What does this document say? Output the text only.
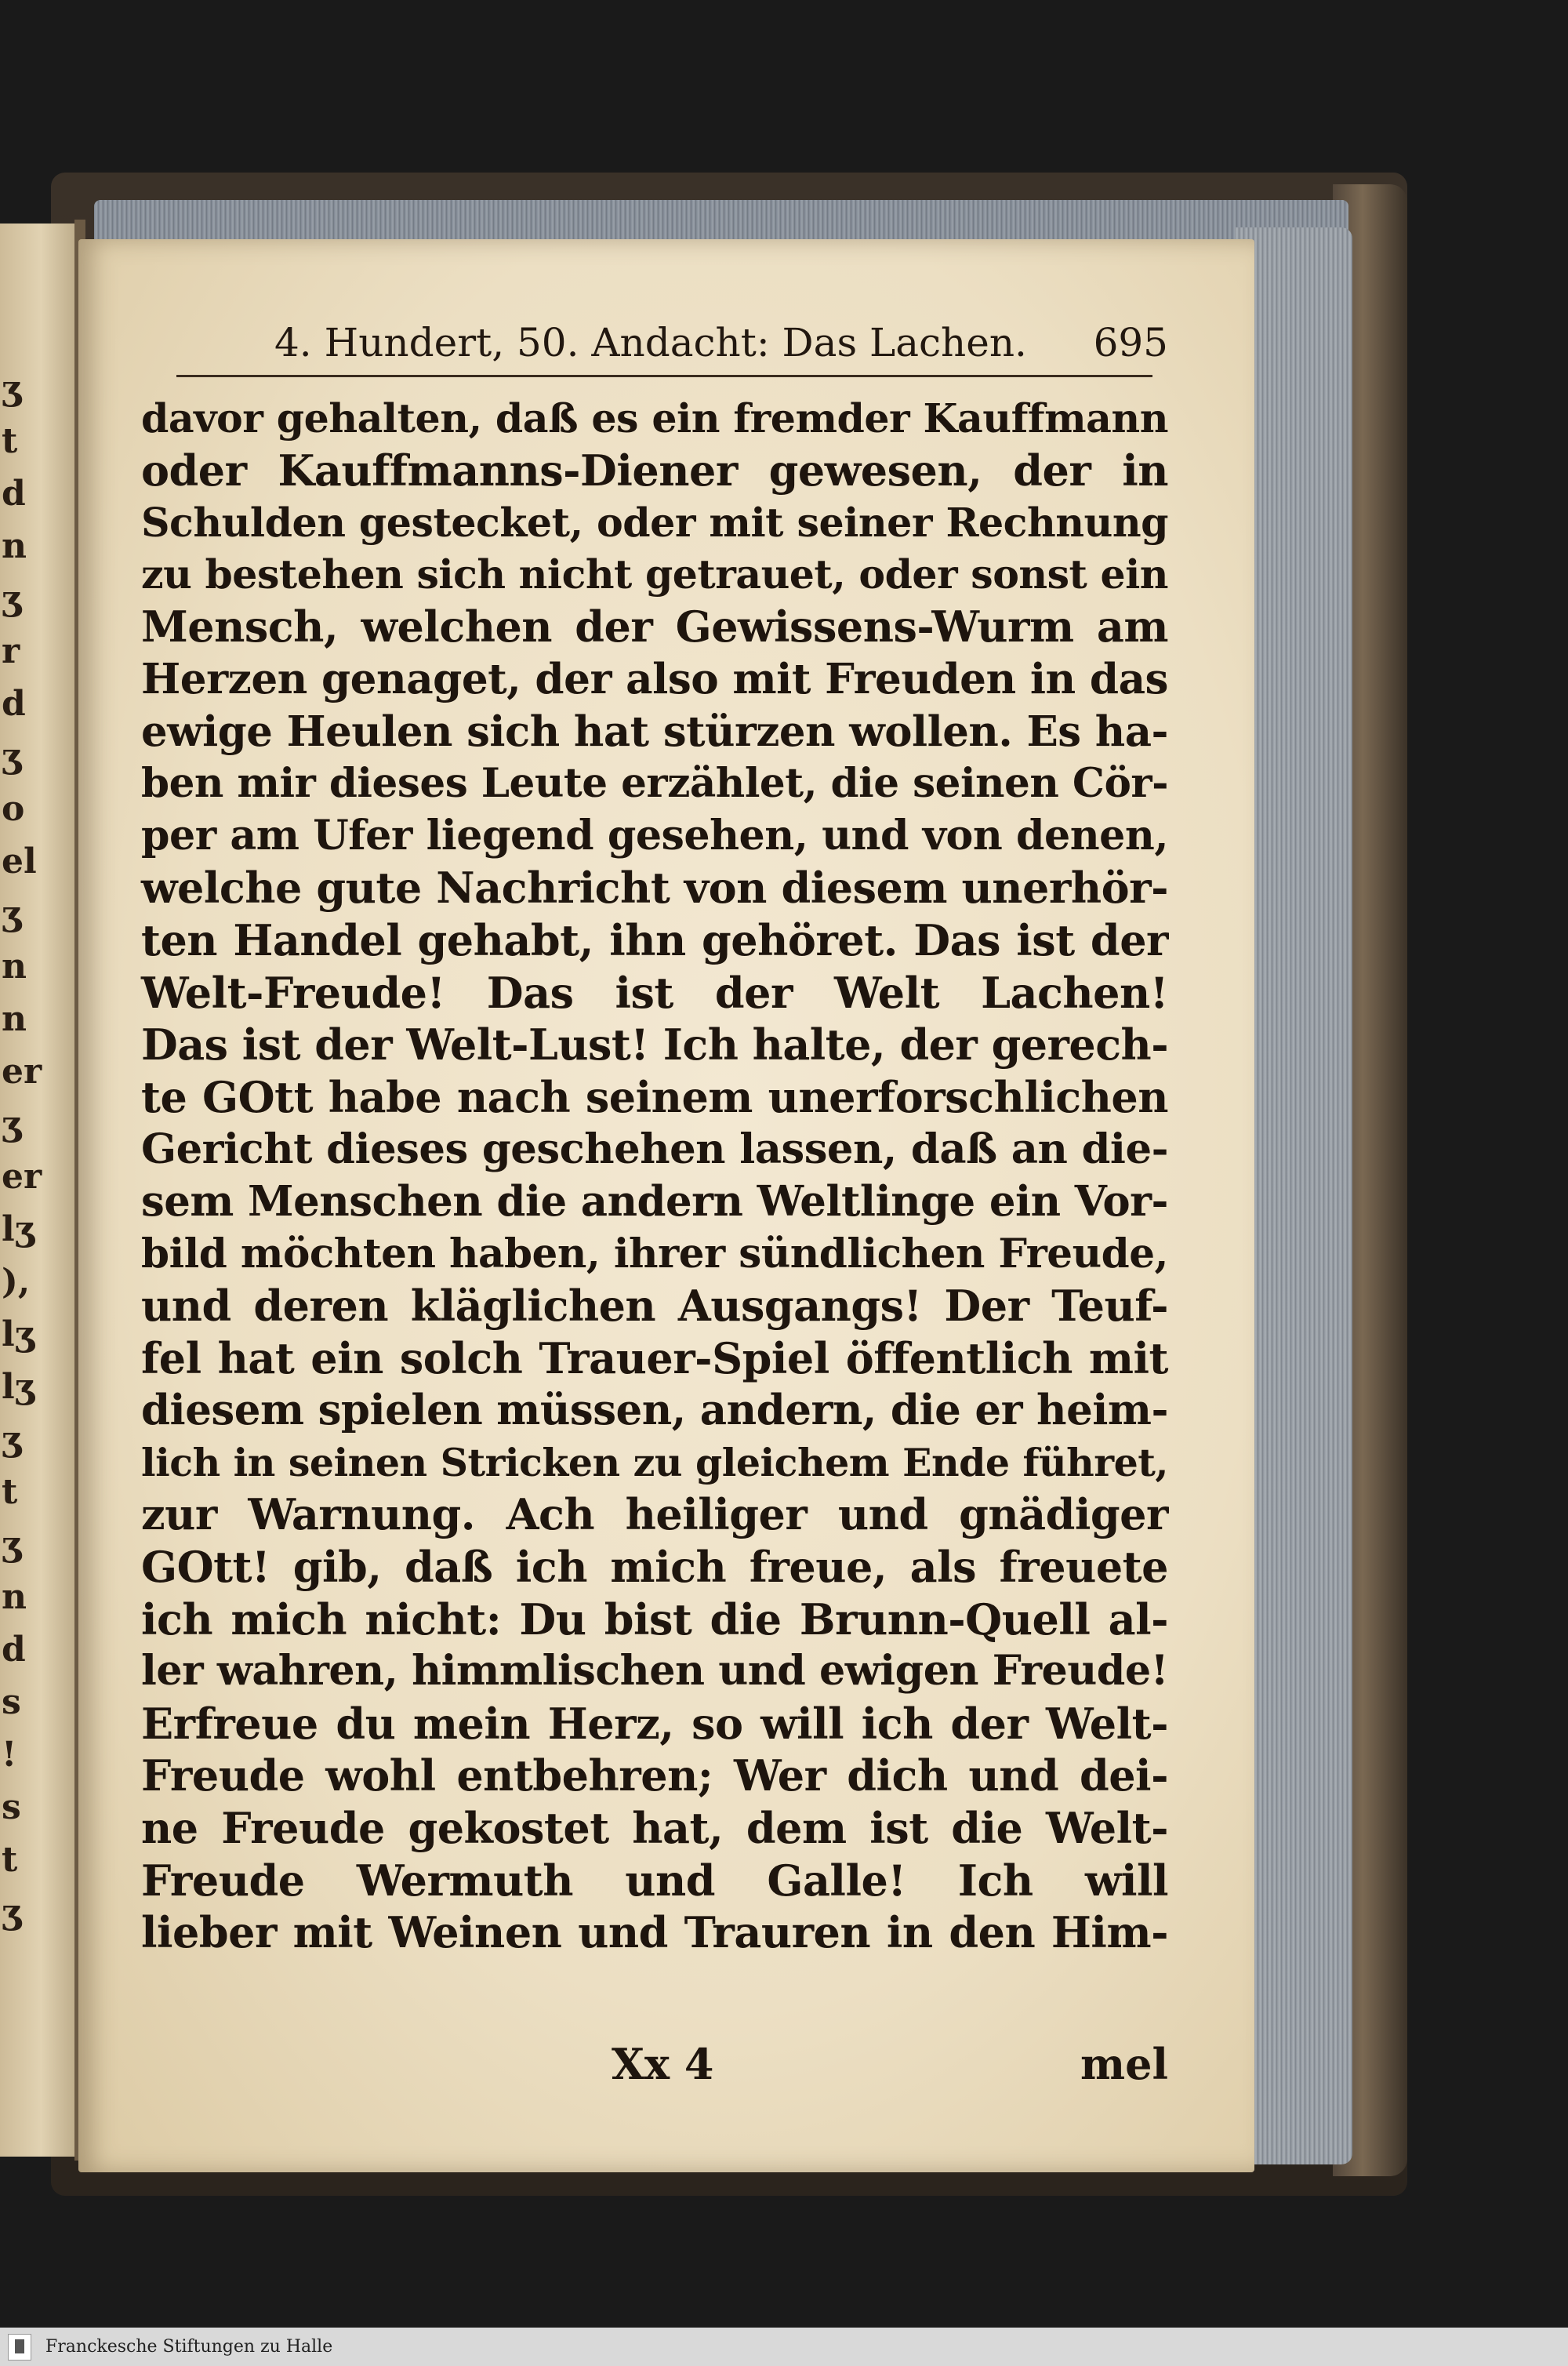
ʒ
t
d
n
ʒ
r
d
ʒ
o
el
ʒ
n
n
er
ʒ
er
lʒ
),
lʒ
lʒ
ʒ
t
ʒ
n
d
s
!
s
t
ʒ
4. Hundert, 50. Andacht: Das Lachen. 695
davor gehalten, daß es ein fremder Kauffmann
oder Kauffmanns-Diener gewesen, der in
Schulden gestecket, oder mit seiner Rechnung
zu bestehen sich nicht getrauet, oder sonst ein
Mensch, welchen der Gewissens-Wurm am
Herzen genaget, der also mit Freuden in das
ewige Heulen sich hat stürzen wollen. Es ha-
ben mir dieses Leute erzählet, die seinen Cör-
per am Ufer liegend gesehen, und von denen,
welche gute Nachricht von diesem unerhör-
ten Handel gehabt, ihn gehöret. Das ist der
Welt-Freude! Das ist der Welt Lachen!
Das ist der Welt-Lust! Ich halte, der gerech-
te GOtt habe nach seinem unerforschlichen
Gericht dieses geschehen lassen, daß an die-
sem Menschen die andern Weltlinge ein Vor-
bild möchten haben, ihrer sündlichen Freude,
und deren kläglichen Ausgangs! Der Teuf-
fel hat ein solch Trauer-Spiel öffentlich mit
diesem spielen müssen, andern, die er heim-
lich in seinen Stricken zu gleichem Ende führet,
zur Warnung. Ach heiliger und gnädiger
GOtt! gib, daß ich mich freue, als freuete
ich mich nicht: Du bist die Brunn-Quell al-
ler wahren, himmlischen und ewigen Freude!
Erfreue du mein Herz, so will ich der Welt-
Freude wohl entbehren; Wer dich und dei-
ne Freude gekostet hat, dem ist die Welt-
Freude Wermuth und Galle! Ich will
lieber mit Weinen und Trauren in den Him-
Xx 4	mel
Franckesche Stiftungen zu Halle
